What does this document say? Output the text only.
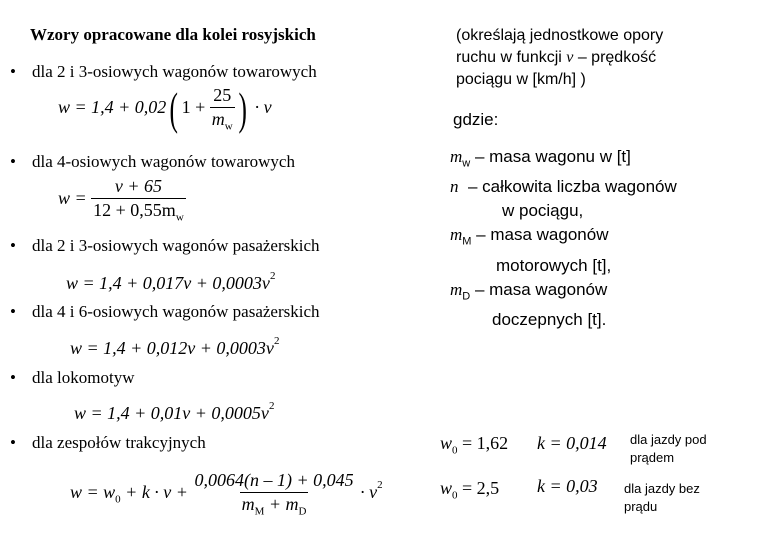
Wzory opracowane dla kolei rosyjskich	(określają jednostkowe opory
ruchu w funkcji v – prędkość
pociągu w [km/h] )
• dla 2 i 3-osiowych wagonów towarowych
w = 1,4 + 0,02( $1 + \frac{25}{m_w}$ ) · v
• dla 4-osiowych wagonów towarowych
$w = \frac{v + 65}{12 + 0,55m_w}$
• dla 2 i 3-osiowych wagonów pasażerskich
$w = 1,4 + 0,017v + 0,0003v^2$
• dla 4 i 6-osiowych wagonów pasażerskich
$w = 1,4 + 0,012v + 0,0003v^2$
• dla lokomotyw
$w = 1,4 + 0,01v + 0,0005v^2$
• dla zespołów trakcyjnych
$w = w_0 + k \cdot v + \frac{0,0064(n - 1) + 0,045}{m_M + m_D} \cdot v^2$
gdzie:
$m_w$ – masa wagonu w [t]
n  – całkowita liczba wagonów
w pociągu,
$m_M$ – masa wagonów
motorowych [t],
$m_D$ – masa wagonów
doczepnych [t].
$w_0 = 1,62$ k = 0,014 dla jazdy pod
prądem
$w_0 = 2,5$ k = 0,03 dla jazdy bez
prądu
